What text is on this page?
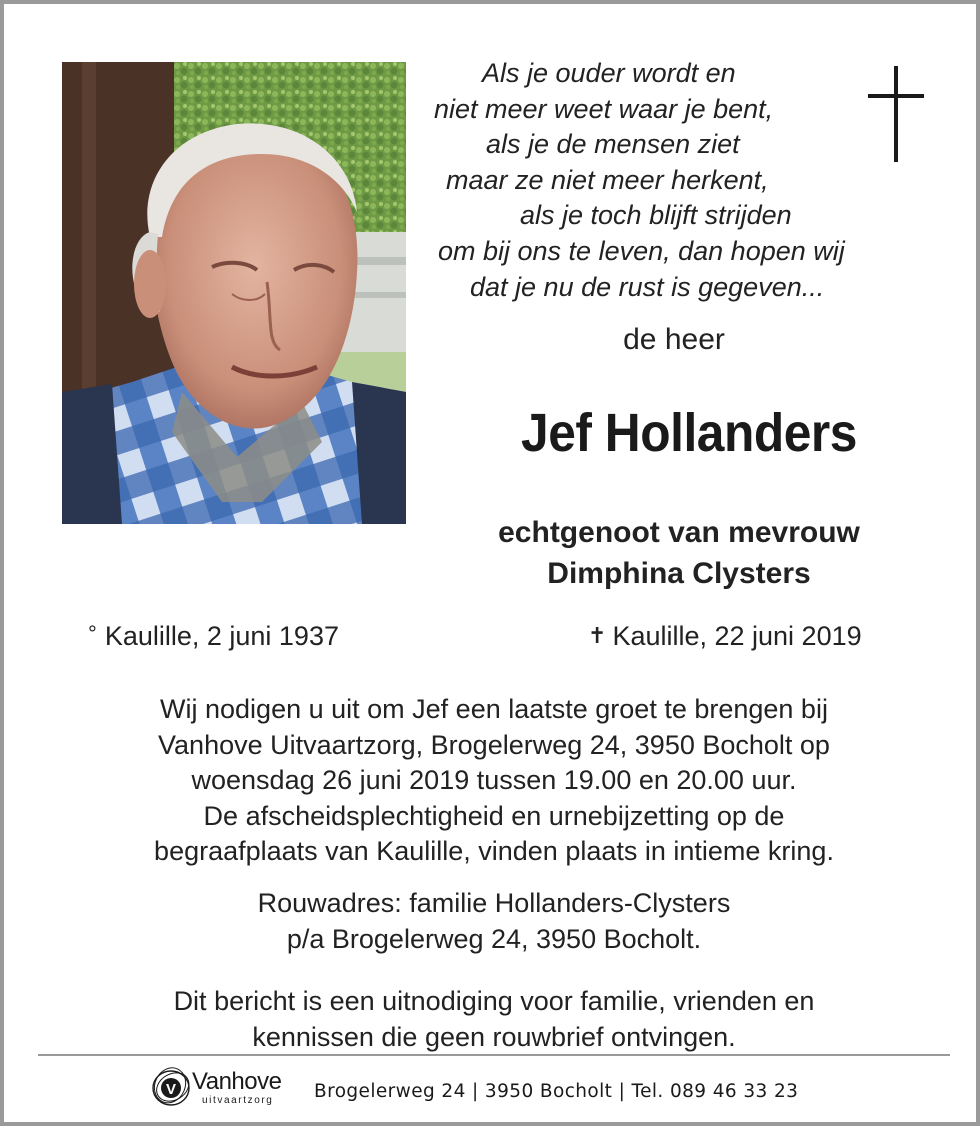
Als je ouder wordt en
niet meer weet waar je bent,
als je de mensen ziet
maar ze niet meer herkent,
als je toch blijft strijden
om bij ons te leven, dan hopen wij
dat je nu de rust is gegeven...
de heer
Jef Hollanders
echtgenoot van mevrouw
Dimphina Clysters
° Kaulille, 2 juni 1937	✝ Kaulille, 22 juni 2019
Wij nodigen u uit om Jef een laatste groet te brengen bij
Vanhove Uitvaartzorg, Brogelerweg 24, 3950 Bocholt op
woensdag 26 juni 2019 tussen 19.00 en 20.00 uur.
De afscheidsplechtigheid en urnebijzetting op de
begraafplaats van Kaulille, vinden plaats in intieme kring.
Rouwadres: familie Hollanders-Clysters
p/a Brogelerweg 24, 3950 Bocholt.
Dit bericht is een uitnodiging voor familie, vrienden en
kennissen die geen rouwbrief ontvingen.
V Vanhove
uitvaartzorg Brogelerweg 24 | 3950 Bocholt | Tel. 089 46 33 23
